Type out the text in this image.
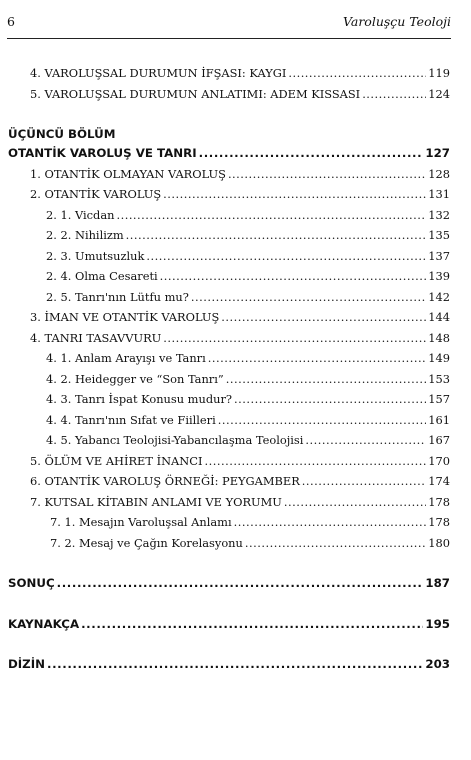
6	Varoluşçu Teoloji
4. VAROLUŞSAL DURUMUN İFŞASI: KAYGI .....	119
5. VAROLUŞSAL DURUMUN ANLATIMI: ADEM KISSASI .....	124
ÜÇÜNCÜ BÖLÜM
OTANTİK VAROLUŞ VE TANRI .....	127
1. OTANTİK OLMAYAN VAROLUŞ .....	128
2. OTANTİK VAROLUŞ .....	131
2. 1. Vicdan .....	132
2. 2. Nihilizm .....	135
2. 3. Umutsuzluk .....	137
2. 4. Olma Cesareti .....	139
2. 5. Tanrı'nın Lütfu mu? .....	142
3. İMAN VE OTANTİK VAROLUŞ .....	144
4. TANRI TASAVVURU .....	148
4. 1. Anlam Arayışı ve Tanrı .....	149
4. 2. Heidegger ve “Son Tanrı” .....	153
4. 3. Tanrı İspat Konusu mudur? .....	157
4. 4. Tanrı'nın Sıfat ve Fiilleri .....	161
4. 5. Yabancı Teolojisi-Yabancılaşma Teolojisi .....	167
5. ÖLÜM VE AHİRET İNANCI .....	170
6. OTANTİK VAROLUŞ ÖRNEĞİ: PEYGAMBER .....	174
7. KUTSAL KİTABIN ANLAMI VE YORUMU .....	178
7. 1. Mesajın Varoluşsal Anlamı .....	178
7. 2. Mesaj ve Çağın Korelasyonu .....	180
SONUÇ .....	187
KAYNAKÇA .....	195
DİZİN .....	203
